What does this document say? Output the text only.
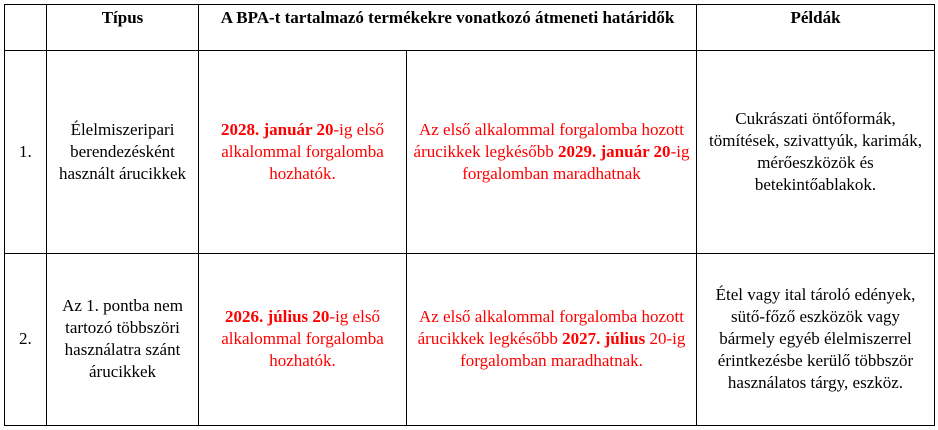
	Típus	A BPA-t tartalmazó termékekre vonatkozó átmeneti határidők		Példák
1.	Élelmiszeripari berendezésként használt árucikkek	2028. január 20-ig első alkalommal forgalomba hozhatók.	Az első alkalommal forgalomba hozott árucikkek legkésőbb 2029. január 20-ig forgalomban maradhatnak	Cukrászati öntőformák, tömítések, szivattyúk, karimák, mérőeszközök és betekintőablakok.
2.	Az 1. pontba nem tartozó többszöri használatra szánt árucikkek	2026. július 20-ig első alkalommal forgalomba hozhatók.	Az első alkalommal forgalomba hozott árucikkek legkésőbb 2027. július 20-ig forgalomban maradhatnak.	Étel vagy ital tároló edények, sütő-főző eszközök vagy bármely egyéb élelmiszerrel érintkezésbe kerülő többször használatos tárgy, eszköz.
